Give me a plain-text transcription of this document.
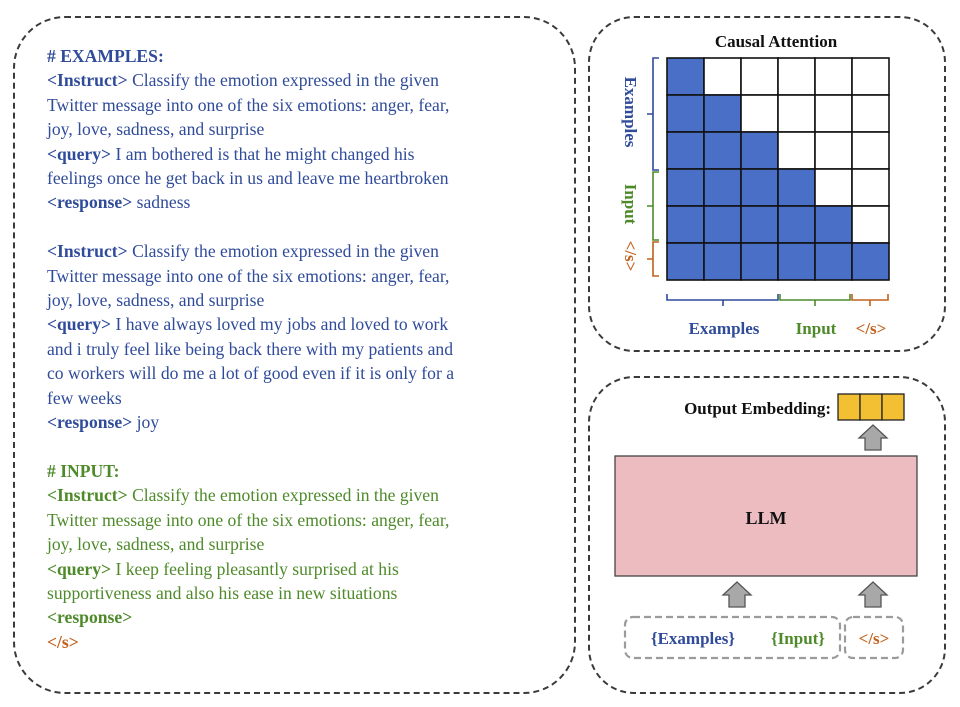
# EXAMPLES:
<Instruct> Classify the emotion expressed in the given
Twitter message into one of the six emotions: anger, fear,
joy, love, sadness, and surprise
<query> I am bothered is that he might changed his
feelings once he get back in us and leave me heartbroken
<response> sadness
<Instruct> Classify the emotion expressed in the given
Twitter message into one of the six emotions: anger, fear,
joy, love, sadness, and surprise
<query> I have always loved my jobs and loved to work
and i truly feel like being back there with my patients and
co workers will do me a lot of good even if it is only for a
few weeks
<response> joy
# INPUT:
<Instruct> Classify the emotion expressed in the given
Twitter message into one of the six emotions: anger, fear,
joy, love, sadness, and surprise
<query> I keep feeling pleasantly surprised at his
supportiveness and also his ease in new situations
<response>
</s>
Causal Attention
Examples
Input
</s>
Examples Input </s>
Output Embedding:
LLM
{Examples} {Input} </s>
